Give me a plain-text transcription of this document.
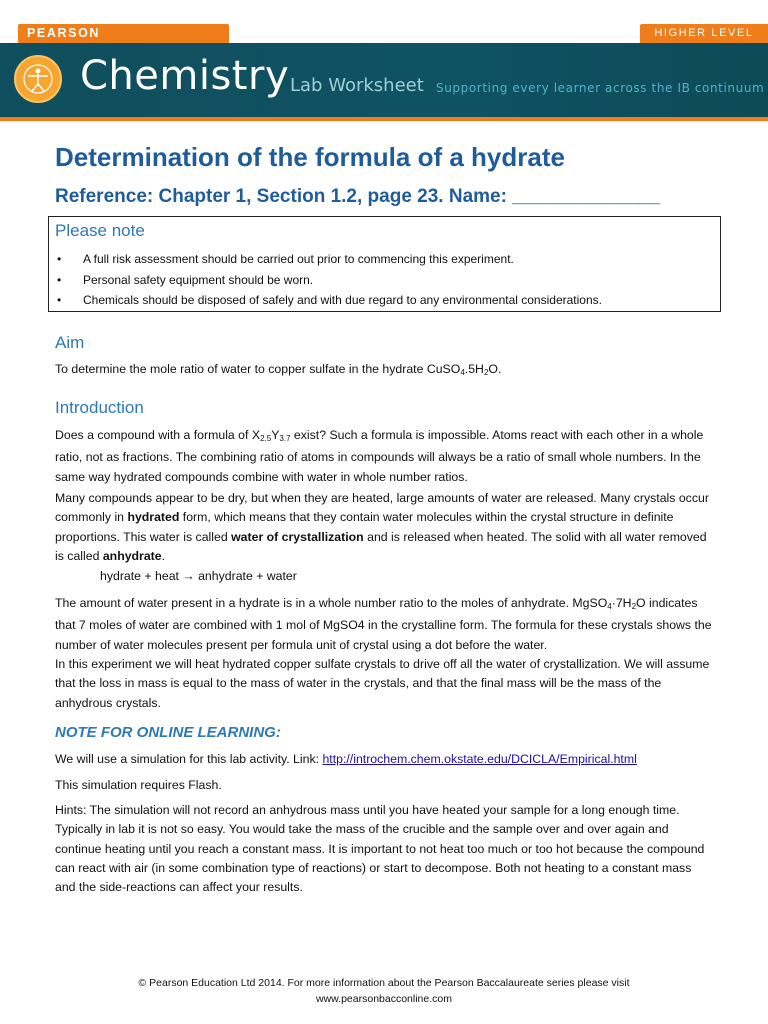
PEARSON	HIGHER LEVEL
Chemistry Lab Worksheet Supporting every learner across the IB continuum
Determination of the formula of a hydrate
Reference: Chapter 1, Section 1.2, page 23. Name: ______________
Please note
• A full risk assessment should be carried out prior to commencing this experiment.
• Personal safety equipment should be worn.
• Chemicals should be disposed of safely and with due regard to any environmental considerations.
Aim

To determine the mole ratio of water to copper sulfate in the hydrate $CuSO_4.5H_2O$.

Introduction

Does a compound with a formula of $X_{2.5}Y_{3.7}$ exist? Such a formula is impossible. Atoms react with each other in a whole ratio, not as fractions. The combining ratio of atoms in compounds will always be a ratio of small whole numbers. In the same way hydrated compounds combine with water in whole number ratios.

Many compounds appear to be dry, but when they are heated, large amounts of water are released. Many crystals occur commonly in hydrated form, which means that they contain water molecules within the crystal structure in definite proportions. This water is called water of crystallization and is released when heated. The solid with all water removed is called anhydrate.

hydrate + heat → anhydrate + water

The amount of water present in a hydrate is in a whole number ratio to the moles of anhydrate. $MgSO_4\cdot 7H_2O$ indicates that 7 moles of water are combined with 1 mol of MgSO4 in the crystalline form. The formula for these crystals shows the number of water molecules present per formula unit of crystal using a dot before the water.

In this experiment we will heat hydrated copper sulfate crystals to drive off all the water of crystallization. We will assume that the loss in mass is equal to the mass of water in the crystals, and that the final mass will be the mass of the anhydrous crystals.

NOTE FOR ONLINE LEARNING:

We will use a simulation for this lab activity. Link: http://introchem.chem.okstate.edu/DCICLA/Empirical.html

This simulation requires Flash.

Hints: The simulation will not record an anhydrous mass until you have heated your sample for a long enough time. Typically in lab it is not so easy. You would take the mass of the crucible and the sample over and over again and continue heating until you reach a constant mass. It is important to not heat too much or too hot because the compound can react with air (in some combination type of reactions) or start to decompose. Both not heating to a constant mass and the side-reactions can affect your results.

© Pearson Education Ltd 2014. For more information about the Pearson Baccalaureate series please visit
www.pearsonbacconline.com
